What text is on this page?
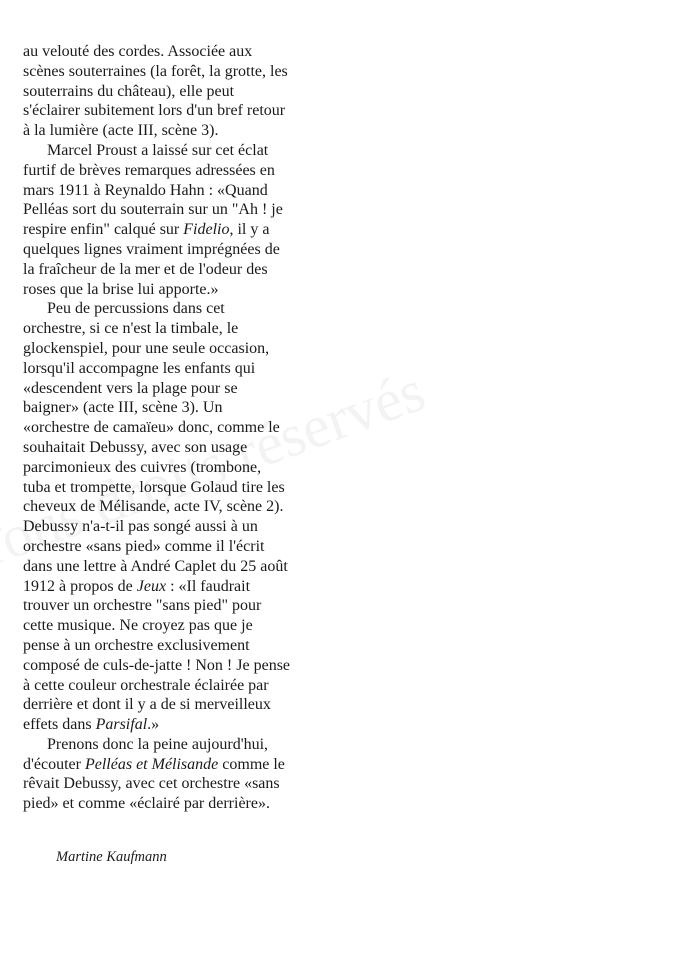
au velouté des cordes. Associée aux
scènes souterraines (la forêt, la grotte, les
souterrains du château), elle peut
s'éclairer subitement lors d'un bref retour
à la lumière (acte III, scène 3).
Marcel Proust a laissé sur cet éclat
furtif de brèves remarques adressées en
mars 1911 à Reynaldo Hahn : «Quand
Pelléas sort du souterrain sur un "Ah ! je
respire enfin" calqué sur Fidelio, il y a
quelques lignes vraiment imprégnées de
la fraîcheur de la mer et de l'odeur des
roses que la brise lui apporte.»
Peu de percussions dans cet
orchestre, si ce n'est la timbale, le
glockenspiel, pour une seule occasion,
lorsqu'il accompagne les enfants qui
«descendent vers la plage pour se
baigner» (acte III, scène 3). Un
«orchestre de camaïeu» donc, comme le
souhaitait Debussy, avec son usage
parcimonieux des cuivres (trombone,
tuba et trompette, lorsque Golaud tire les
cheveux de Mélisande, acte IV, scène 2).
Debussy n'a-t-il pas songé aussi à un
orchestre «sans pied» comme il l'écrit
dans une lettre à André Caplet du 25 août
1912 à propos de Jeux : «Il faudrait
trouver un orchestre "sans pied" pour
cette musique. Ne croyez pas que je
pense à un orchestre exclusivement
composé de culs-de-jatte ! Non ! Je pense
à cette couleur orchestrale éclairée par
derrière et dont il y a de si merveilleux
effets dans Parsifal.»
Prenons donc la peine aujourd'hui,
d'écouter Pelléas et Mélisande comme le
rêvait Debussy, avec cet orchestre «sans
pied» et comme «éclairé par derrière».
Martine Kaufmann
